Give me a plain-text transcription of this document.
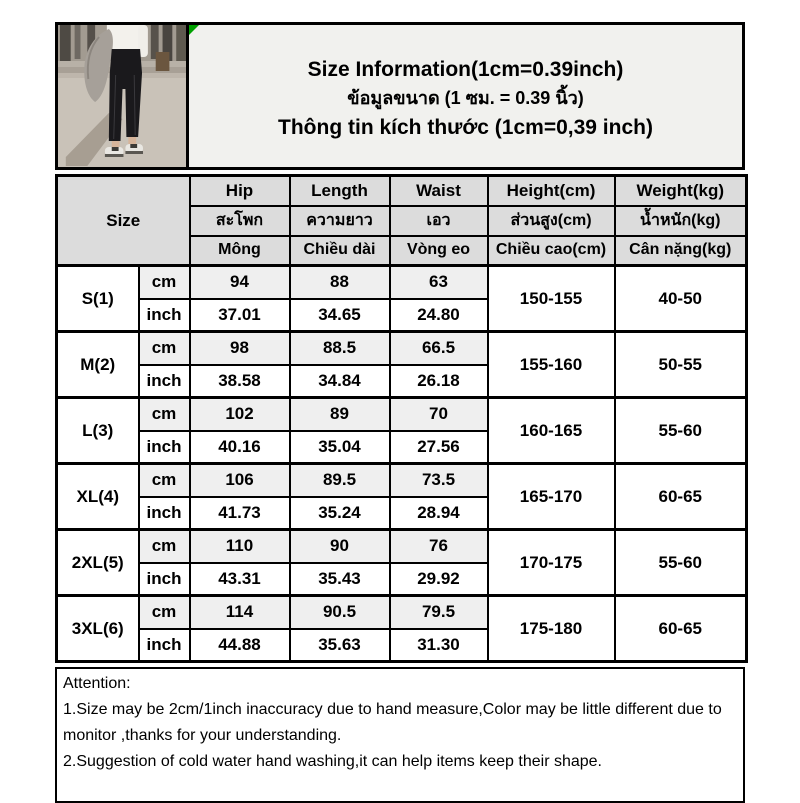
Size Information(1cm=0.39inch)
ข้อมูลขนาด (1 ซม. = 0.39 นิ้ว)
Thông tin kích thước (1cm=0,39 inch)
Size		Hip	Length	Waist	Height(cm)	Weight(kg)
		สะโพก	ความยาว	เอว	ส่วนสูง(cm)	น้ำหนัก(kg)
		Mông	Chiều dài	Vòng eo	Chiều cao(cm)	Cân nặng(kg)
S(1)	cm	94	88	63	150-155	40-50
	inch	37.01	34.65	24.80		
M(2)	cm	98	88.5	66.5	155-160	50-55
	inch	38.58	34.84	26.18		
L(3)	cm	102	89	70	160-165	55-60
	inch	40.16	35.04	27.56		
XL(4)	cm	106	89.5	73.5	165-170	60-65
	inch	41.73	35.24	28.94		
2XL(5)	cm	110	90	76	170-175	55-60
	inch	43.31	35.43	29.92		
3XL(6)	cm	114	90.5	79.5	175-180	60-65
	inch	44.88	35.63	31.30		
Attention:
1.Size may be 2cm/1inch inaccuracy due to hand measure,Color may be little different due to monitor ,thanks for your understanding.
2.Suggestion of cold water hand washing,it can help items keep their shape.
